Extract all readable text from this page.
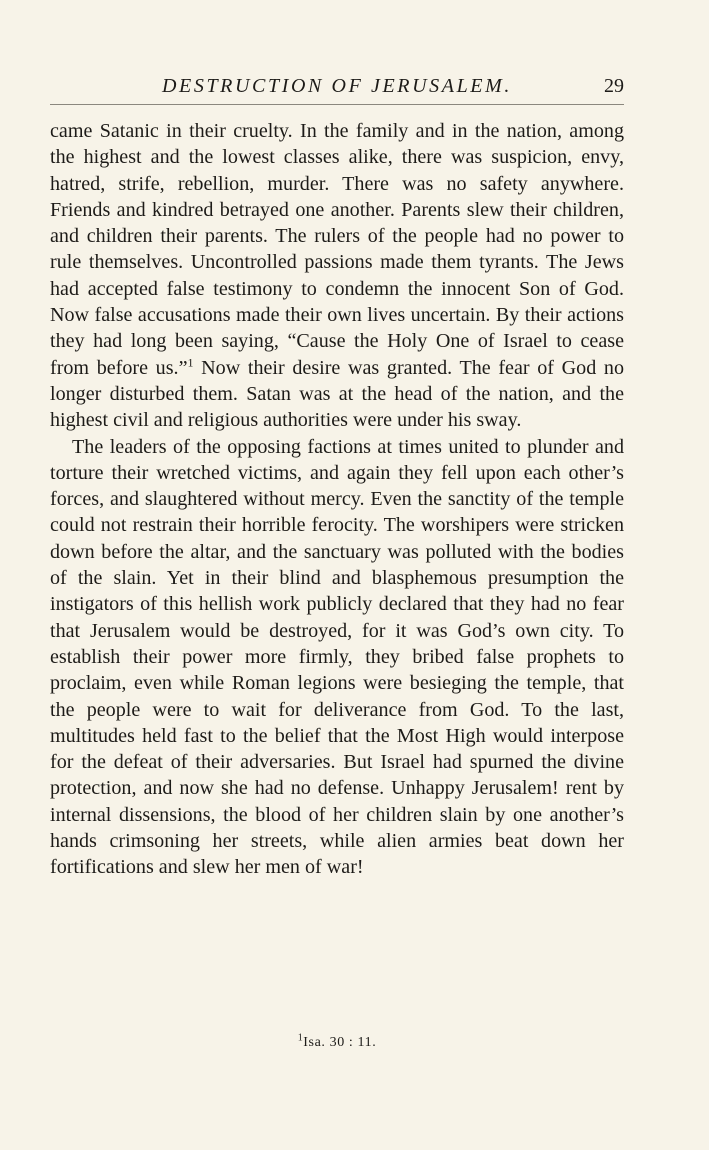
DESTRUCTION OF JERUSALEM.	29

came Satanic in their cruelty. In the family and in the nation, among the highest and the lowest classes alike, there was suspicion, envy, hatred, strife, rebellion, murder. There was no safety anywhere. Friends and kindred betrayed one another. Parents slew their children, and children their parents. The rulers of the people had no power to rule themselves. Uncontrolled passions made them tyrants. The Jews had accepted false testimony to condemn the innocent Son of God. Now false accusations made their own lives uncertain. By their actions they had long been saying, “Cause the Holy One of Israel to cease from before us.”$^1$ Now their desire was granted. The fear of God no longer disturbed them. Satan was at the head of the nation, and the highest civil and religious authorities were under his sway.

The leaders of the opposing factions at times united to plunder and torture their wretched victims, and again they fell upon each other’s forces, and slaughtered without mercy. Even the sanctity of the temple could not restrain their horrible ferocity. The worshipers were stricken down before the altar, and the sanctuary was polluted with the bodies of the slain. Yet in their blind and blasphemous presumption the instigators of this hellish work publicly declared that they had no fear that Jerusalem would be destroyed, for it was God’s own city. To establish their power more firmly, they bribed false prophets to proclaim, even while Roman legions were besieging the temple, that the people were to wait for deliverance from God. To the last, multitudes held fast to the belief that the Most High would interpose for the defeat of their adversaries. But Israel had spurned the divine protection, and now she had no defense. Unhappy Jerusalem! rent by internal dissensions, the blood of her children slain by one another’s hands crimsoning her streets, while alien armies beat down her fortifications and slew her men of war!

$^1$Isa. 30 : 11.
